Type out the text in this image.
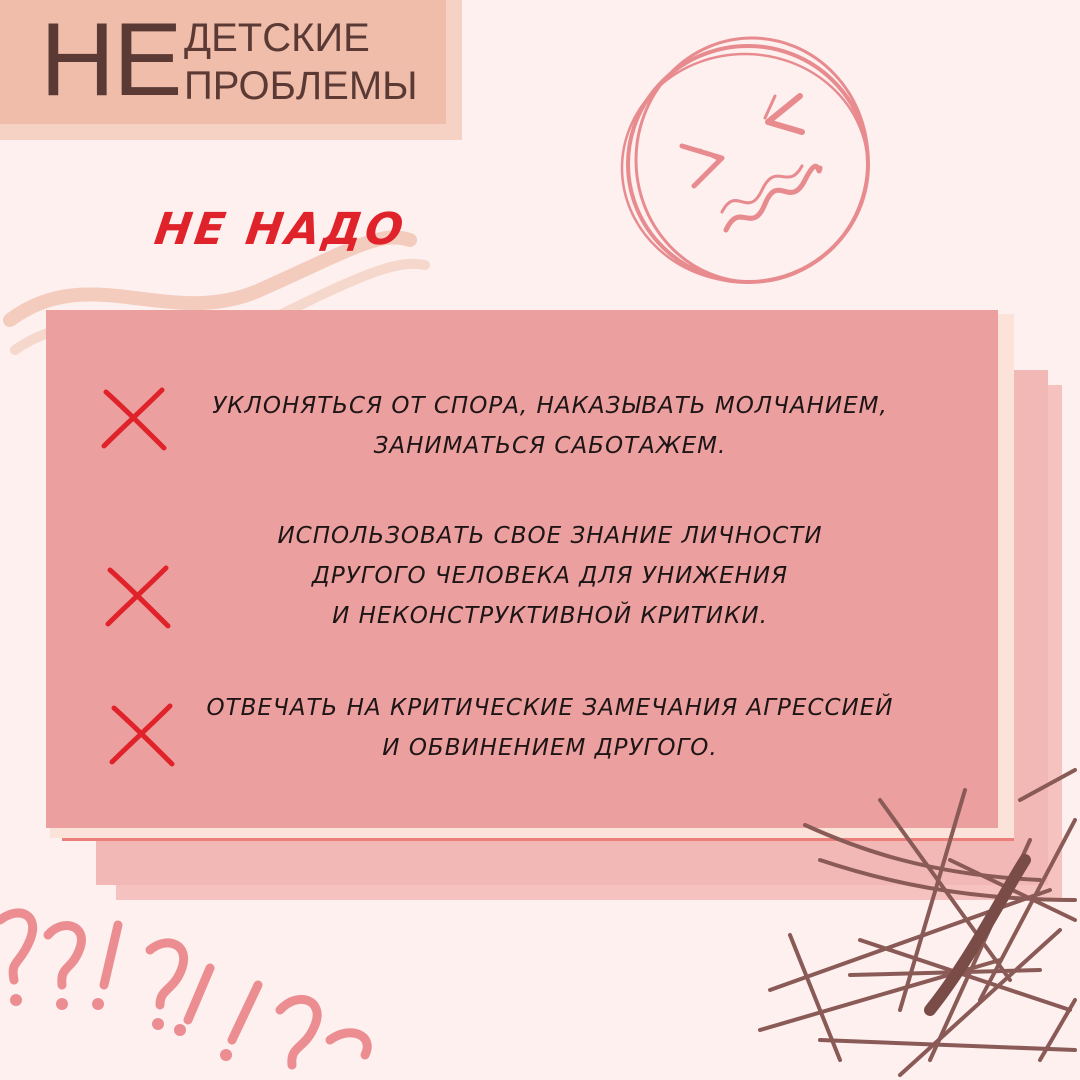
НЕ ДЕТСКИЕ
ПРОБЛЕМЫ
НЕ НАДО
УКЛОНЯТЬСЯ ОТ СПОРА, НАКАЗЫВАТЬ МОЛЧАНИЕМ,
ЗАНИМАТЬСЯ САБОТАЖЕМ.
ИСПОЛЬЗОВАТЬ СВОЕ ЗНАНИЕ ЛИЧНОСТИ
ДРУГОГО ЧЕЛОВЕКА ДЛЯ УНИЖЕНИЯ
И НЕКОНСТРУКТИВНОЙ КРИТИКИ.
ОТВЕЧАТЬ НА КРИТИЧЕСКИЕ ЗАМЕЧАНИЯ АГРЕССИЕЙ
И ОБВИНЕНИЕМ ДРУГОГО.
